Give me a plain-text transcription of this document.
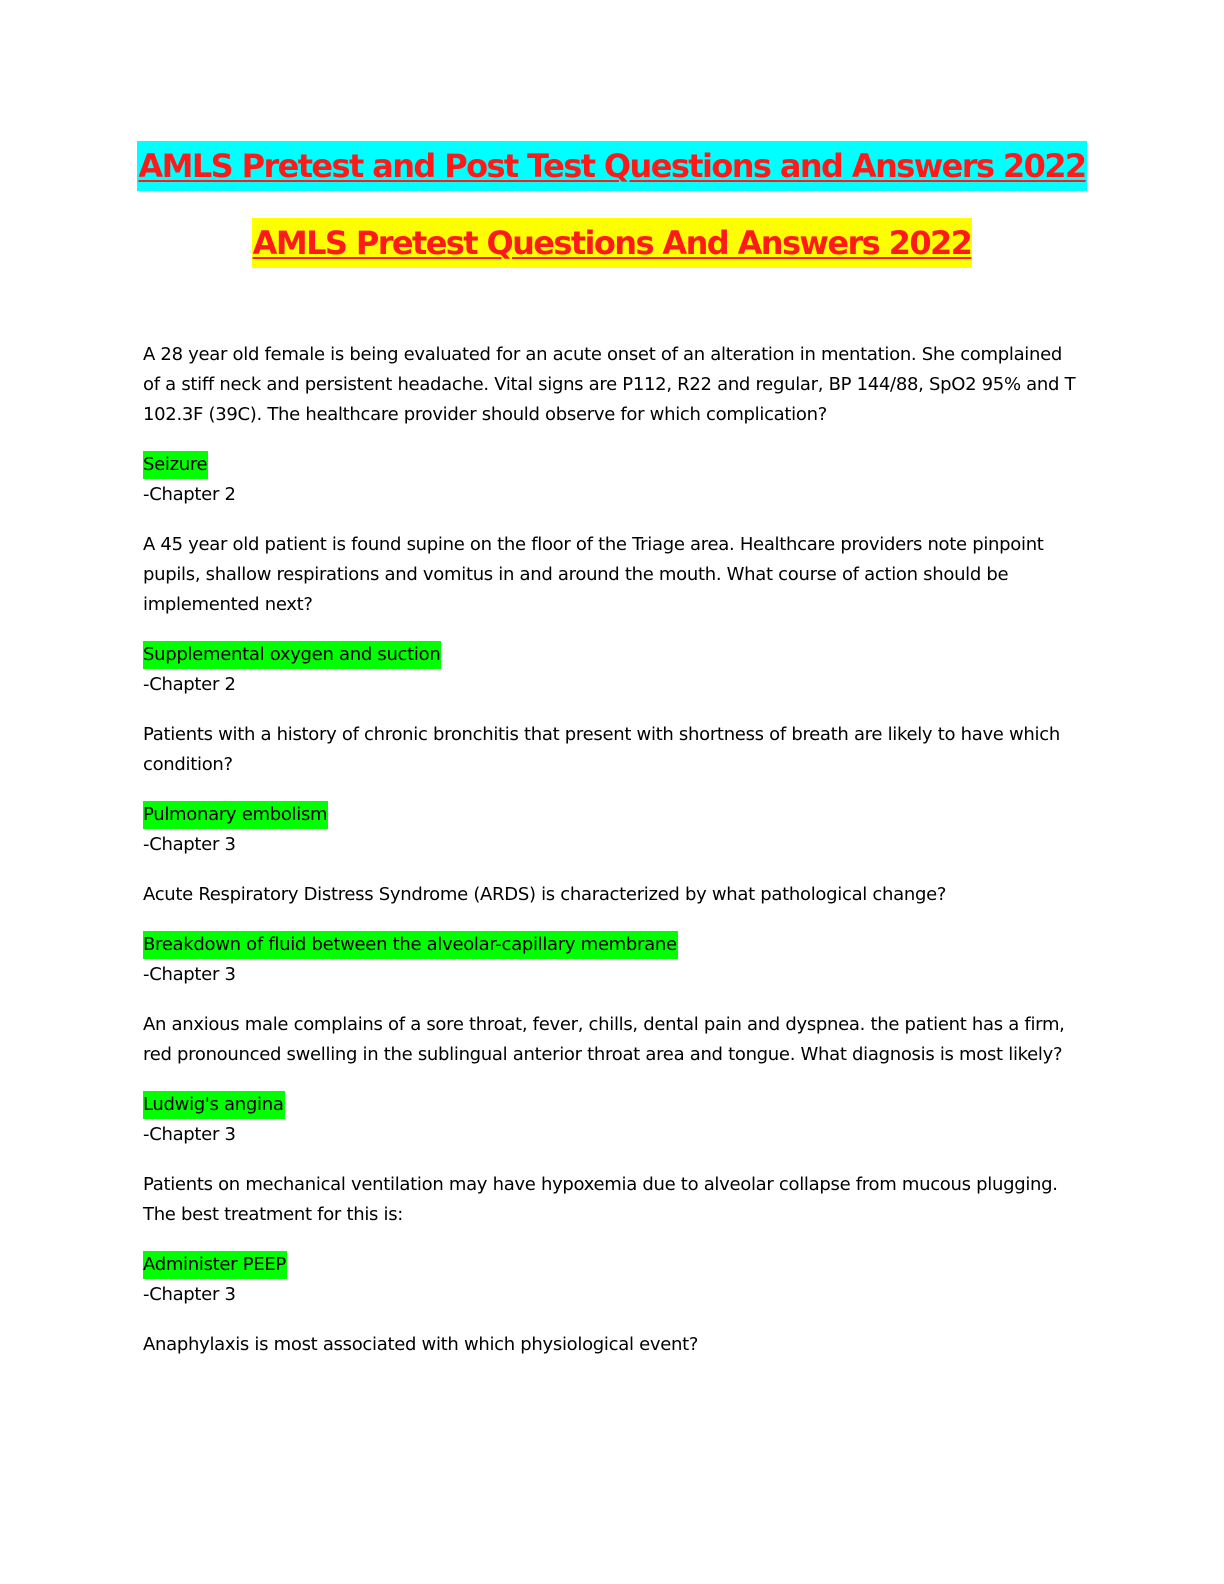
AMLS Pretest and Post Test Questions and Answers 2022
AMLS Pretest Questions And Answers 2022

A 28 year old female is being evaluated for an acute onset of an alteration in mentation. She complained of a stiff neck and persistent headache. Vital signs are P112, R22 and regular, BP 144/88, SpO2 95% and T 102.3F (39C). The healthcare provider should observe for which complication?

Seizure
-Chapter 2

A 45 year old patient is found supine on the floor of the Triage area. Healthcare providers note pinpoint pupils, shallow respirations and vomitus in and around the mouth. What course of action should be implemented next?

Supplemental oxygen and suction
-Chapter 2

Patients with a history of chronic bronchitis that present with shortness of breath are likely to have which condition?

Pulmonary embolism
-Chapter 3

Acute Respiratory Distress Syndrome (ARDS) is characterized by what pathological change?

Breakdown of fluid between the alveolar-capillary membrane
-Chapter 3

An anxious male complains of a sore throat, fever, chills, dental pain and dyspnea. the patient has a firm, red pronounced swelling in the sublingual anterior throat area and tongue. What diagnosis is most likely?

Ludwig's angina
-Chapter 3

Patients on mechanical ventilation may have hypoxemia due to alveolar collapse from mucous plugging. The best treatment for this is:

Administer PEEP
-Chapter 3

Anaphylaxis is most associated with which physiological event?
